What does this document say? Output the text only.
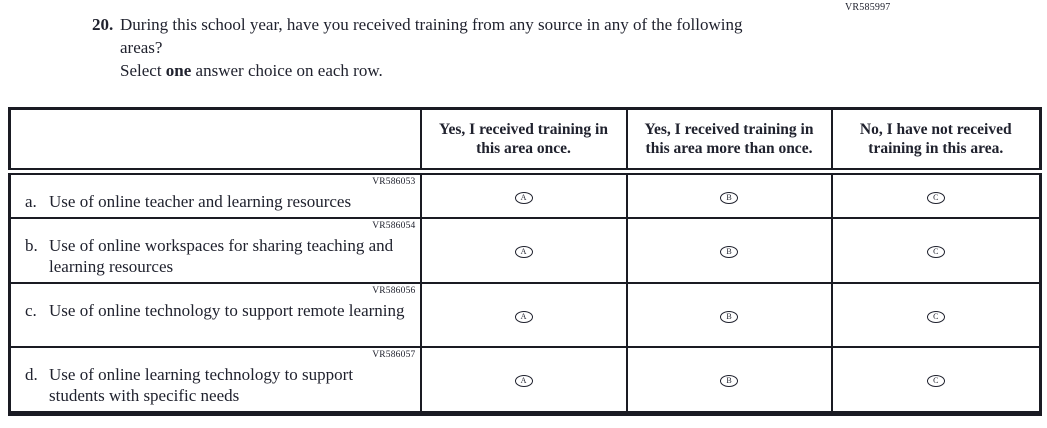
VR585997
20. During this school year, have you received training from any source in any of the following areas?
Select one answer choice on each row.
	Yes, I received training in this area once.	Yes, I received training in this area more than once.	No, I have not received training in this area.

VR586053
a. Use of online teacher and learning resources	A	B	C

VR586054
b. Use of online workspaces for sharing teaching and learning resources	A	B	C

VR586056
c. Use of online technology to support remote learning	A	B	C

VR586057
d. Use of online learning technology to support students with specific needs	A	B	C
